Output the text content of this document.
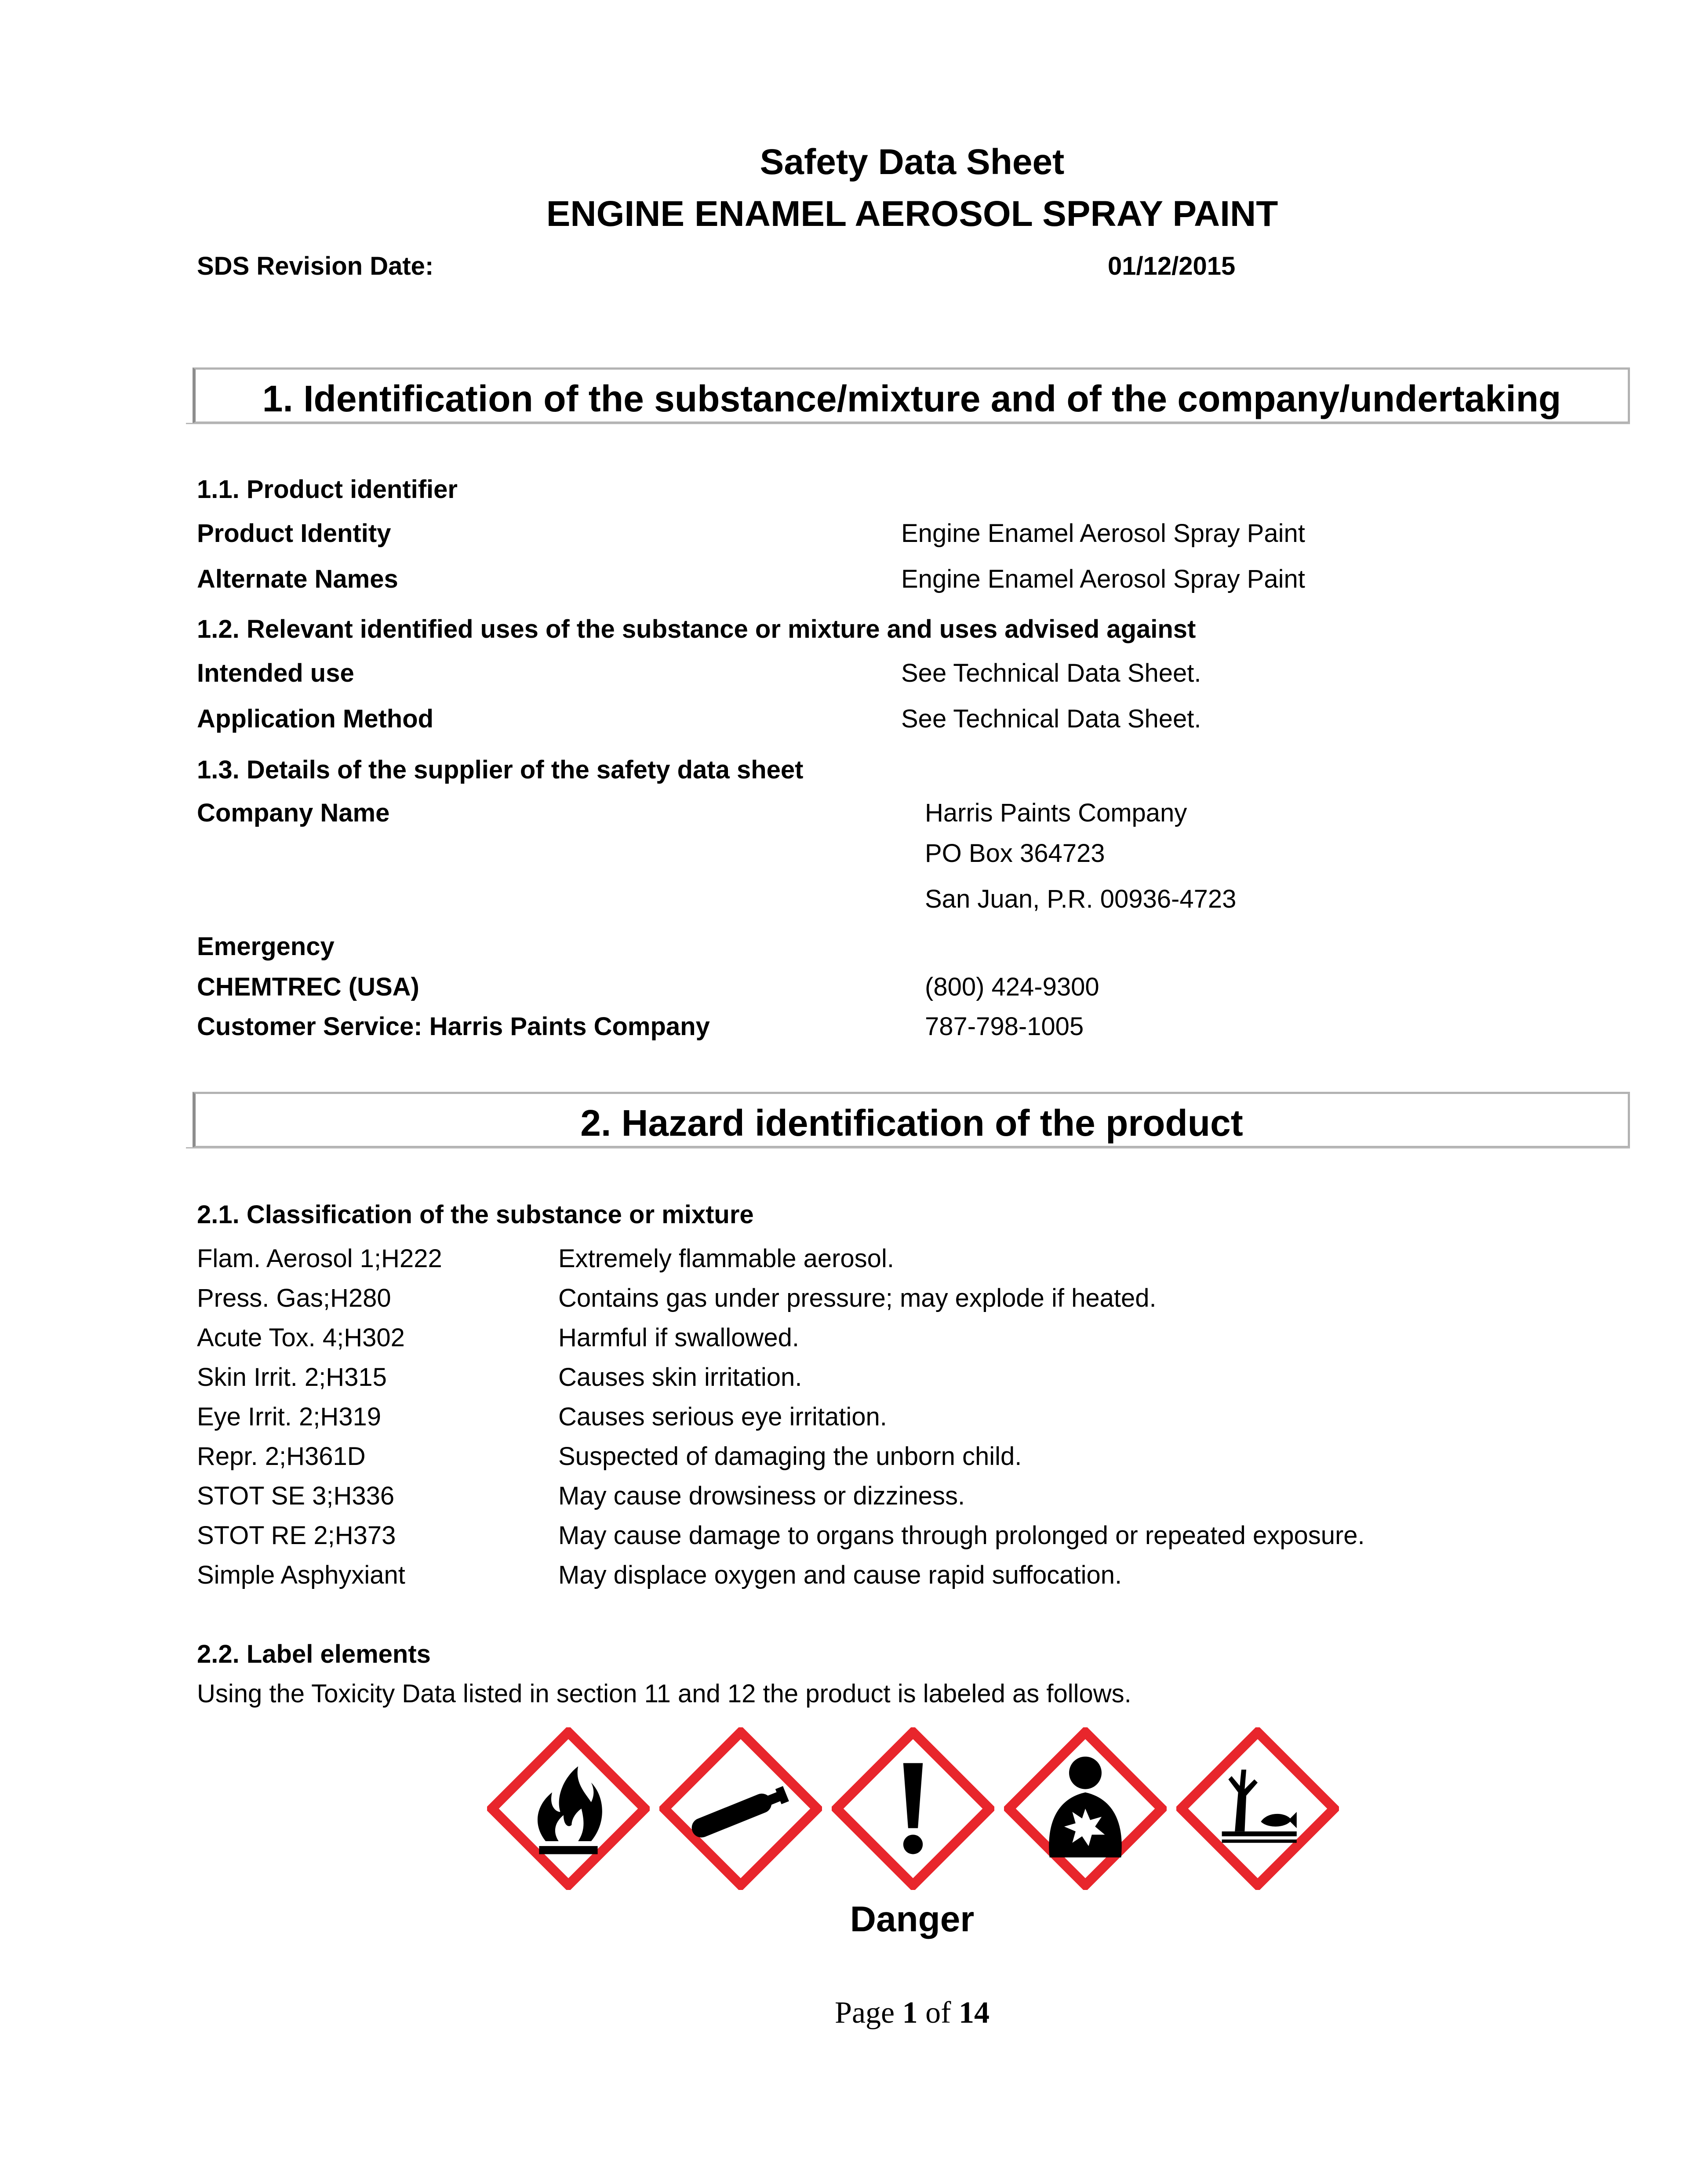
Safety Data Sheet
ENGINE ENAMEL AEROSOL SPRAY PAINT
SDS Revision Date:	01/12/2015
1. Identification of the substance/mixture and of the company/undertaking
1.1. Product identifier
Product Identity	Engine Enamel Aerosol Spray Paint
Alternate Names	Engine Enamel Aerosol Spray Paint
1.2. Relevant identified uses of the substance or mixture and uses advised against
Intended use	See Technical Data Sheet.
Application Method	See Technical Data Sheet.
1.3. Details of the supplier of the safety data sheet
Company Name	Harris Paints Company
PO Box 364723
San Juan, P.R. 00936-4723
Emergency
CHEMTREC (USA)	(800) 424-9300
Customer Service: Harris Paints Company	787-798-1005
2. Hazard identification of the product
2.1. Classification of the substance or mixture
Flam. Aerosol 1;H222	Extremely flammable aerosol.
Press. Gas;H280	Contains gas under pressure; may explode if heated.
Acute Tox. 4;H302	Harmful if swallowed.
Skin Irrit. 2;H315	Causes skin irritation.
Eye Irrit. 2;H319	Causes serious eye irritation.
Repr. 2;H361D	Suspected of damaging the unborn child.
STOT SE 3;H336	May cause drowsiness or dizziness.
STOT RE 2;H373	May cause damage to organs through prolonged or repeated exposure.
Simple Asphyxiant	May displace oxygen and cause rapid suffocation.
2.2. Label elements
Using the Toxicity Data listed in section 11 and 12 the product is labeled as follows.
Danger
Page 1 of 14
